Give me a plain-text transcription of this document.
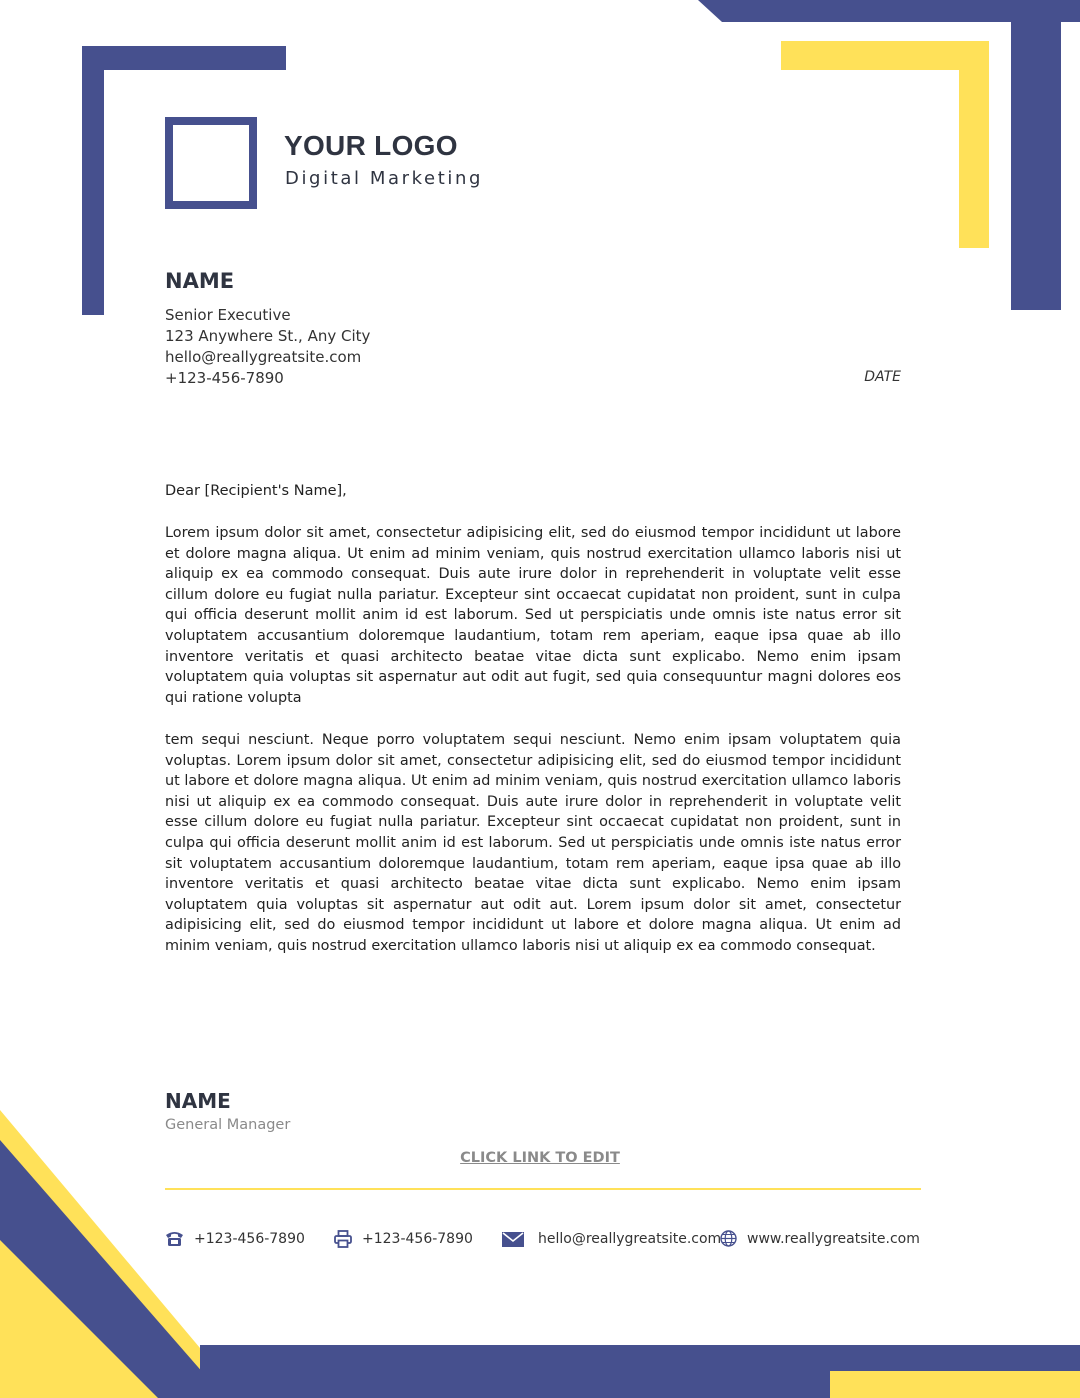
YOUR LOGO
Digital Marketing
NAME
Senior Executive
123 Anywhere St., Any City
hello@reallygreatsite.com
+123-456-7890	DATE
Dear [Recipient's Name],
Lorem ipsum dolor sit amet, consectetur adipisicing elit, sed do eiusmod tempor incididunt ut labore et dolore magna aliqua. Ut enim ad minim veniam, quis nostrud exercitation ullamco laboris nisi ut aliquip ex ea commodo consequat. Duis aute irure dolor in reprehenderit in voluptate velit esse cillum dolore eu fugiat nulla pariatur. Excepteur sint occaecat cupidatat non proident, sunt in culpa qui officia deserunt mollit anim id est laborum. Sed ut perspiciatis unde omnis iste natus error sit voluptatem accusantium doloremque laudantium, totam rem aperiam, eaque ipsa quae ab illo inventore veritatis et quasi architecto beatae vitae dicta sunt explicabo. Nemo enim ipsam voluptatem quia voluptas sit aspernatur aut odit aut fugit, sed quia consequuntur magni dolores eos qui ratione volupta
tem sequi nesciunt. Neque porro voluptatem sequi nesciunt. Nemo enim ipsam voluptatem quia voluptas. Lorem ipsum dolor sit amet, consectetur adipisicing elit, sed do eiusmod tempor incididunt ut labore et dolore magna aliqua. Ut enim ad minim veniam, quis nostrud exercitation ullamco laboris nisi ut aliquip ex ea commodo consequat. Duis aute irure dolor in reprehenderit in voluptate velit esse cillum dolore eu fugiat nulla pariatur. Excepteur sint occaecat cupidatat non proident, sunt in culpa qui officia deserunt mollit anim id est laborum. Sed ut perspiciatis unde omnis iste natus error sit voluptatem accusantium doloremque laudantium, totam rem aperiam, eaque ipsa quae ab illo inventore veritatis et quasi architecto beatae vitae dicta sunt explicabo. Nemo enim ipsam voluptatem quia voluptas sit aspernatur aut odit aut. Lorem ipsum dolor sit amet, consectetur adipisicing elit, sed do eiusmod tempor incididunt ut labore et dolore magna aliqua. Ut enim ad minim veniam, quis nostrud exercitation ullamco laboris nisi ut aliquip ex ea commodo consequat.
NAME
General Manager
CLICK LINK TO EDIT
+123-456-7890	+123-456-7890	hello@reallygreatsite.com www.reallygreatsite.com
